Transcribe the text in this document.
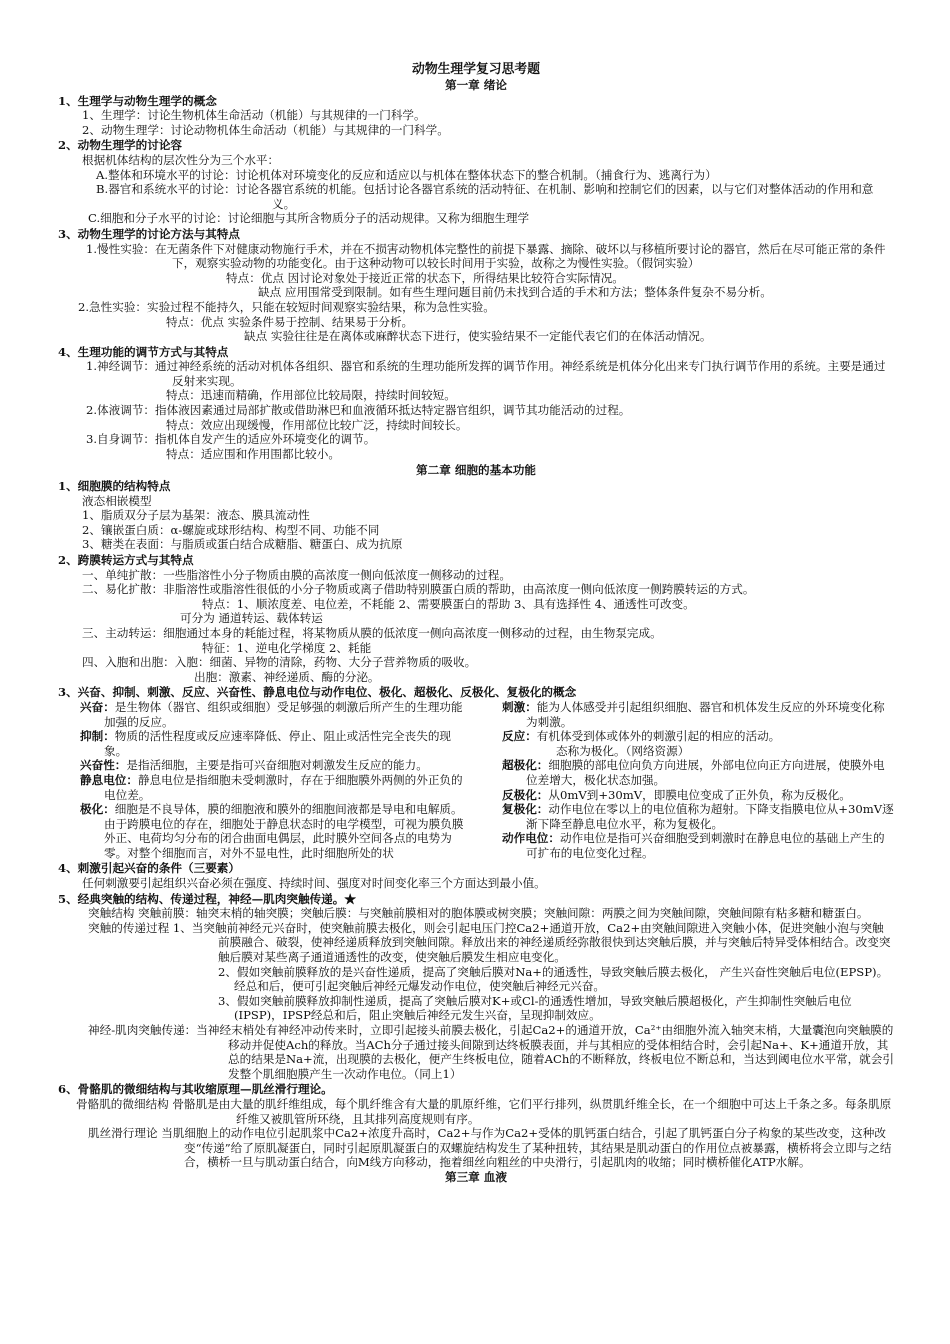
动物生理学复习思考题

第一章 绪论

1、生理学与动物生理学的概念

1、生理学：讨论生物机体生命活动（机能）与其规律的一门科学。

2、动物生理学：讨论动物机体生命活动（机能）与其规律的一门科学。

2、动物生理学的讨论容

根据机体结构的层次性分为三个水平：

A.整体和环境水平的讨论：讨论机体对环境变化的反应和适应以与机体在整体状态下的整合机制。（捕食行为、逃离行为）

B.器官和系统水平的讨论：讨论各器官系统的机能。包括讨论各器官系统的活动特征、在机制、影响和控制它们的因素，以与它们对整体活动的作用和意义。

C.细胞和分子水平的讨论：讨论细胞与其所含物质分子的活动规律。又称为细胞生理学

3、动物生理学的讨论方法与其特点

1.慢性实验：在无菌条件下对健康动物施行手术，并在不损害动物机体完整性的前提下暴露、摘除、破坏以与移植所要讨论的器官，然后在尽可能正常的条件下，观察实验动物的功能变化。由于这种动物可以较长时间用于实验，故称之为慢性实验。（假饲实验）

特点：优点 因讨论对象处于接近正常的状态下，所得结果比较符合实际情况。

缺点 应用围常受到限制。如有些生理问题目前仍未找到合适的手术和方法；整体条件复杂不易分析。

2.急性实验：实验过程不能持久，只能在较短时间观察实验结果，称为急性实验。

特点：优点 实验条件易于控制、结果易于分析。

缺点 实验往往是在离体或麻醉状态下进行，使实验结果不一定能代表它们的在体活动情况。

4、生理功能的调节方式与其特点

1.神经调节：通过神经系统的活动对机体各组织、器官和系统的生理功能所发挥的调节作用。神经系统是机体分化出来专门执行调节作用的系统。主要是通过反射来实现。

特点：迅速而精确，作用部位比较局限，持续时间较短。

2.体液调节：指体液因素通过局部扩散或借助淋巴和血液循环抵达特定器官组织，调节其功能活动的过程。

特点：效应出现缓慢，作用部位比较广泛，持续时间较长。

3.自身调节：指机体自发产生的适应外环境变化的调节。

特点：适应围和作用围都比较小。

第二章 细胞的基本功能

1、细胞膜的结构特点

液态相嵌模型

1、脂质双分子层为基架：液态、膜具流动性

2、镶嵌蛋白质：α-螺旋或球形结构、构型不同、功能不同

3、糖类在表面：与脂质或蛋白结合成糖脂、糖蛋白、成为抗原

2、跨膜转运方式与其特点

一、单纯扩散：一些脂溶性小分子物质由膜的高浓度一侧向低浓度一侧移动的过程。

二、易化扩散：非脂溶性或脂溶性很低的小分子物质或离子借助特别膜蛋白质的帮助，由高浓度一侧向低浓度一侧跨膜转运的方式。

特点：1、顺浓度差、电位差，不耗能 2、需要膜蛋白的帮助 3、具有选择性 4、通透性可改变。

可分为 通道转运、载体转运

三、主动转运：细胞通过本身的耗能过程，将某物质从膜的低浓度一侧向高浓度一侧移动的过程，由生物泵完成。

特征：1、逆电化学梯度 2、耗能

四、入胞和出胞：入胞：细菌、异物的清除，药物、大分子营养物质的吸收。

出胞：激素、神经递质、酶的分泌。

3、兴奋、抑制、刺激、反应、兴奋性、静息电位与动作电位、极化、超极化、反极化、复极化的概念

兴奋：是生物体（器官、组织或细胞）受足够强的刺激后所产生的生理功能加强的反应。

抑制：物质的活性程度或反应速率降低、停止、阻止或活性完全丧失的现象。

兴奋性：是指活细胞，主要是指可兴奋细胞对刺激发生反应的能力。

静息电位：静息电位是指细胞未受刺激时，存在于细胞膜外两侧的外正负的电位差。

极化：细胞是不良导体，膜的细胞液和膜外的细胞间液都是导电和电解质。由于跨膜电位的存在，细胞处于静息状态时的电学模型，可视为膜负膜外正、电荷均匀分布的闭合曲面电偶层，此时膜外空间各点的电势为零。对整个细胞而言，对外不显电性，此时细胞所处的状

刺激：能为人体感受并引起组织细胞、器官和机体发生反应的外环境变化称为刺激。

反应：有机体受到体或体外的刺激引起的相应的活动。

态称为极化。（网络资源）

超极化：细胞膜的部电位向负方向进展，外部电位向正方向进展，使膜外电位差增大，极化状态加强。

反极化：从0mV到+30mV，即膜电位变成了正外负，称为反极化。

复极化：动作电位在零以上的电位值称为超射。下降支指膜电位从+30mV逐渐下降至静息电位水平，称为复极化。

动作电位：动作电位是指可兴奋细胞受到刺激时在静息电位的基础上产生的可扩布的电位变化过程。

4、刺激引起兴奋的条件（三要素）

任何刺激要引起组织兴奋必须在强度、持续时间、强度对时间变化率三个方面达到最小值。

5、经典突触的结构、传递过程，神经—肌肉突触传递。★

突触结构 突触前膜：轴突末梢的轴突膜；突触后膜：与突触前膜相对的胞体膜或树突膜；突触间隙：两膜之间为突触间隙，突触间隙有粘多糖和糖蛋白。

突触的传递过程 1、当突触前神经元兴奋时，使突触前膜去极化，则会引起电压门控Ca2+通道开放，Ca2+由突触间隙进入突触小体，促进突触小泡与突触前膜融合、破裂，使神经递质释放到突触间隙。释放出来的神经递质经弥散很快到达突触后膜，并与突触后特异受体相结合。改变突触后膜对某些离子通道通透性的改变，使突触后膜发生相应电变化。

2、假如突触前膜释放的是兴奋性递质，提高了突触后膜对Na+的通透性，导致突触后膜去极化， 产生兴奋性突触后电位(EPSP)。经总和后，便可引起突触后神经元爆发动作电位，使突触后神经元兴奋。

3、假如突触前膜释放抑制性递质，提高了突触后膜对K+或Cl-的通透性增加，导致突触后膜超极化，产生抑制性突触后电位(IPSP)，IPSP经总和后，阻止突触后神经元发生兴奋，呈现抑制效应。

神经-肌肉突触传递：当神经末梢处有神经冲动传来时，立即引起接头前膜去极化，引起Ca2+的通道开放，Ca²⁺由细胞外流入轴突末梢，大量囊泡向突触膜的移动并促使Ach的释放。当ACh分子通过接头间隙到达终板膜表面，并与其相应的受体相结合时，会引起Na+、K+通道开放，其总的结果是Na+流，出现膜的去极化，便产生终板电位，随着ACh的不断释放，终板电位不断总和，当达到阈电位水平常，就会引发整个肌细胞膜产生一次动作电位。（同上1）

6、骨骼肌的微细结构与其收缩原理—肌丝滑行理论。

骨骼肌的微细结构 骨骼肌是由大量的肌纤维组成，每个肌纤维含有大量的肌原纤维，它们平行排列，纵贯肌纤维全长，在一个细胞中可达上千条之多。每条肌原纤维又被肌管所环绕，且其排列高度规则有序。

肌丝滑行理论 当肌细胞上的动作电位引起肌浆中Ca2+浓度升高时，Ca2+与作为Ca2+受体的肌钙蛋白结合，引起了肌钙蛋白分子构象的某些改变，这种改变“传递”给了原肌凝蛋白，同时引起原肌凝蛋白的双螺旋结构发生了某种扭转，其结果是肌动蛋白的作用位点被暴露，横桥将会立即与之结合，横桥一旦与肌动蛋白结合，向M线方向移动，拖着细丝向粗丝的中央滑行，引起肌肉的收缩；同时横桥催化ATP水解。

第三章 血液
